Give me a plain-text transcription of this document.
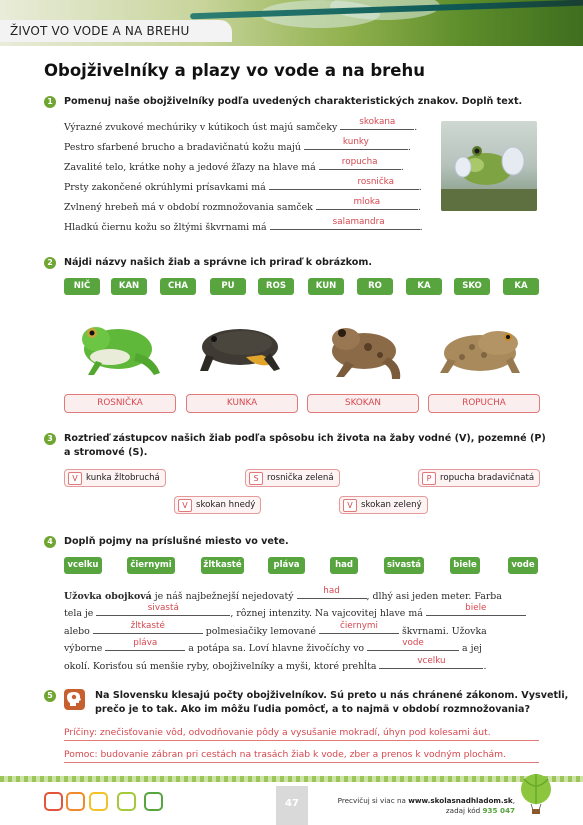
ŽIVOT VO VODE A NA BREHU
Obojživelníky a plazy vo vode a na brehu
1	Pomenuj naše obojživelníky podľa uvedených charakteristických znakov. Doplň text.
Výrazné zvukové mechúriky v kútikoch úst majú samčeky	skokana	.
Pestro sfarbené brucho a bradavičnatú kožu majú	kunky	.
Zavalité telo, krátke nohy a jedové žľazy na hlave má	ropucha	.
Prsty zakončené okrúhlymi prísavkami má	rosnička	.
Zvlnený hrebeň má v období rozmnožovania samček	mloka	.
Hladkú čiernu kožu so žltými škvrnami má	salamandra	.
2	Nájdi názvy našich žiab a správne ich priraď k obrázkom.
NIČ	KAN	CHA	PU	ROS	KUN	RO	KA	SKO	KA
ROSNIČKA	KUNKA	SKOKAN	ROPUCHA
3	Roztrieď zástupcov našich žiab podľa spôsobu ich života na žaby vodné (V), pozemné (P)
a stromové (S).
V kunka žltobruchá	S rosnička zelená	P ropucha bradavičnatá
V skokan hnedý	V skokan zelený
4	Doplň pojmy na príslušné miesto vo vete.
vcelku	čiernymi	žltkasté	pláva	had	sivastá	biele	vode
Užovka obojková je náš najbežnejší nejedovatý	had	, dlhý asi jeden meter. Farba
tela je	sivastá	, rôznej intenzity. Na vajcovitej hlave má	biele
alebo	žltkasté	polmesiačiky lemované	čiernymi	škvrnami. Užovka
výborne	pláva	a potápa sa. Loví hlavne živočíchy vo	vode	a jej
okolí. Korisťou sú menšie ryby, obojživelníky a myši, ktoré prehĺta	vcelku	.
5	Na Slovensku klesajú počty obojživelníkov. Sú preto u nás chránené zákonom. Vysvetli,
prečo je to tak. Ako im môžu ľudia pomôcť, a to najmä v období rozmnožovania?
Príčiny: znečisťovanie vôd, odvodňovanie pôdy a vysušanie mokradí, úhyn pod kolesami áut.
Pomoc: budovanie zábran pri cestách na trasách žiab k vode, zber a prenos k vodným plochám.
47	Precvičuj si viac na www.skolasnadhladom.sk,
zadaj kód 935 047
